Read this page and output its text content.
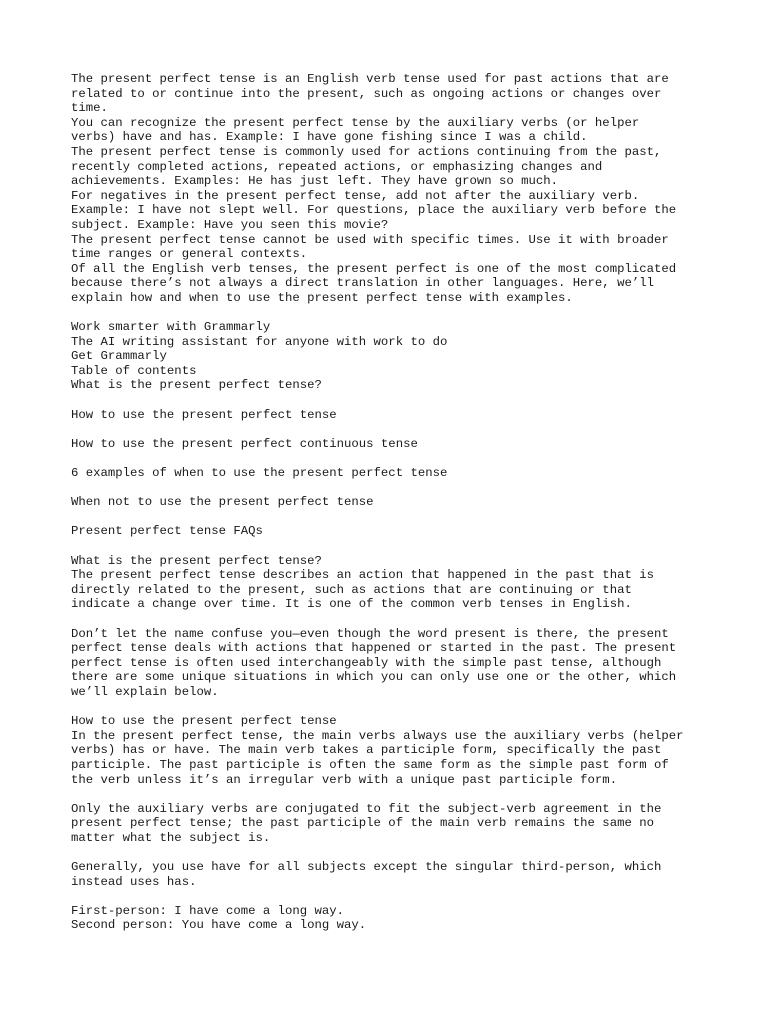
The present perfect tense is an English verb tense used for past actions that are
related to or continue into the present, such as ongoing actions or changes over
time.
You can recognize the present perfect tense by the auxiliary verbs (or helper
verbs) have and has. Example: I have gone fishing since I was a child.
The present perfect tense is commonly used for actions continuing from the past,
recently completed actions, repeated actions, or emphasizing changes and
achievements. Examples: He has just left. They have grown so much.
For negatives in the present perfect tense, add not after the auxiliary verb.
Example: I have not slept well. For questions, place the auxiliary verb before the
subject. Example: Have you seen this movie?
The present perfect tense cannot be used with specific times. Use it with broader
time ranges or general contexts.
Of all the English verb tenses, the present perfect is one of the most complicated
because there’s not always a direct translation in other languages. Here, we’ll
explain how and when to use the present perfect tense with examples.
Work smarter with Grammarly
The AI writing assistant for anyone with work to do
Get Grammarly
Table of contents
What is the present perfect tense?
How to use the present perfect tense
How to use the present perfect continuous tense
6 examples of when to use the present perfect tense
When not to use the present perfect tense
Present perfect tense FAQs
What is the present perfect tense?
The present perfect tense describes an action that happened in the past that is
directly related to the present, such as actions that are continuing or that
indicate a change over time. It is one of the common verb tenses in English.
Don’t let the name confuse you—even though the word present is there, the present
perfect tense deals with actions that happened or started in the past. The present
perfect tense is often used interchangeably with the simple past tense, although
there are some unique situations in which you can only use one or the other, which
we’ll explain below.
How to use the present perfect tense
In the present perfect tense, the main verbs always use the auxiliary verbs (helper
verbs) has or have. The main verb takes a participle form, specifically the past
participle. The past participle is often the same form as the simple past form of
the verb unless it’s an irregular verb with a unique past participle form.
Only the auxiliary verbs are conjugated to fit the subject-verb agreement in the
present perfect tense; the past participle of the main verb remains the same no
matter what the subject is.
Generally, you use have for all subjects except the singular third-person, which
instead uses has.
First-person: I have come a long way.
Second person: You have come a long way.
